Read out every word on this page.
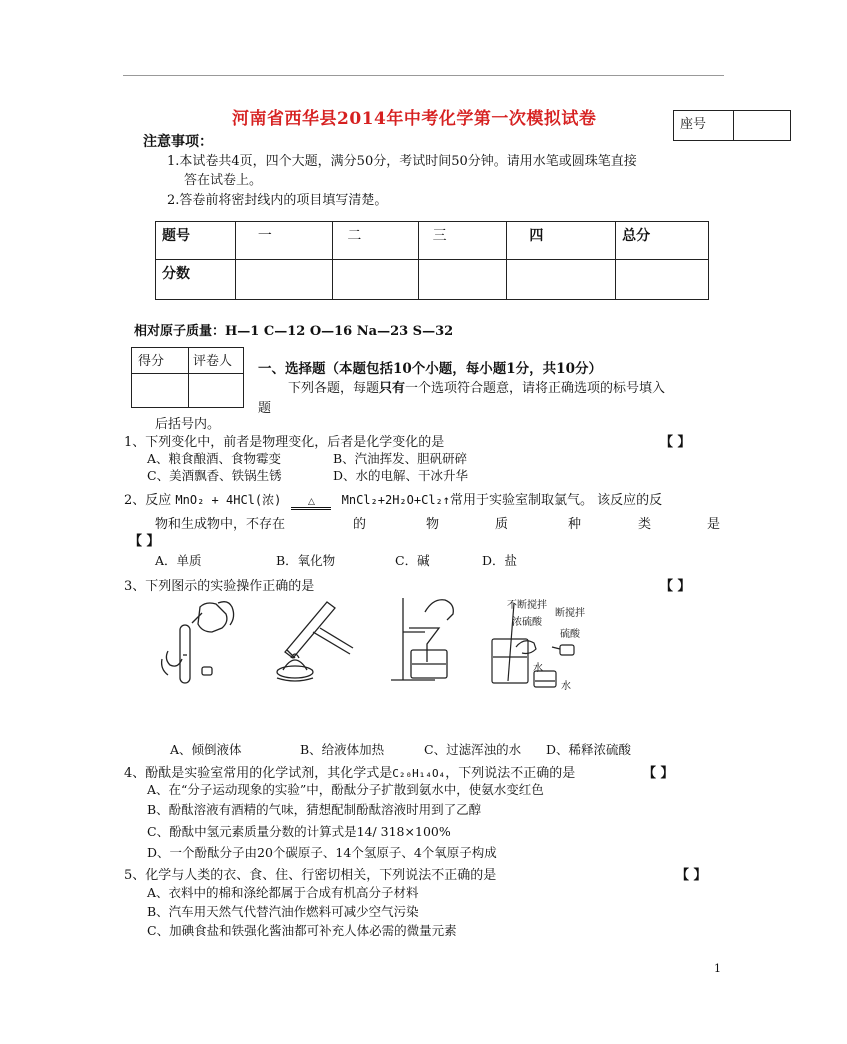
河南省西华县2014年中考化学第一次模拟试卷	座号	
注意事项：
1.本试卷共4页，四个大题，满分50分，考试时间50分钟。请用水笔或圆珠笔直接
答在试卷上。
2.答卷前将密封线内的项目填写清楚。
题号	一	二	三	四	总分
分数					
相对原子质量：H—1 C—12 O—16 Na—23 S—32
得分	评卷人
	一、选择题（本题包括10个小题，每小题1分，共10分）
下列各题，每题只有一个选项符合题意，请将正确选项的标号填入
题
后括号内。
1、下列变化中，前者是物理变化，后者是化学变化的是	【 】
A、粮食酿酒、食物霉变	B、汽油挥发、胆矾研碎
C、美酒飘香、铁锅生锈	D、水的电解、干冰升华
2、反应 MnO₂ + 4HCl(浓)	△ MnCl₂+2H₂O+Cl₂↑常用于实验室制取氯气。 该反应的反
物和生成物中，不存在	的	物	质	种	类	是
【 】
A．单质	B．氧化物	C．碱	D．盐
3、下列图示的实验操作正确的是	【 】
不断搅拌
浓硫酸
水
断搅拌
硫酸
水
A、倾倒液体	B、给液体加热	C、过滤浑浊的水 D、稀释浓硫酸
4、酚酞是实验室常用的化学试剂，其化学式是C₂₀H₁₄O₄，下列说法不正确的是	【 】
A、在“分子运动现象的实验”中，酚酞分子扩散到氨水中，使氨水变红色
B、酚酞溶液有酒精的气味，猜想配制酚酞溶液时用到了乙醇
C、酚酞中氢元素质量分数的计算式是14/ 318×100%
D、一个酚酞分子由20个碳原子、14个氢原子、4个氧原子构成
5、化学与人类的衣、食、住、行密切相关，下列说法不正确的是	【 】
A、衣料中的棉和涤纶都属于合成有机高分子材料
B、汽车用天然气代替汽油作燃料可减少空气污染
C、加碘食盐和铁强化酱油都可补充人体必需的微量元素
1
